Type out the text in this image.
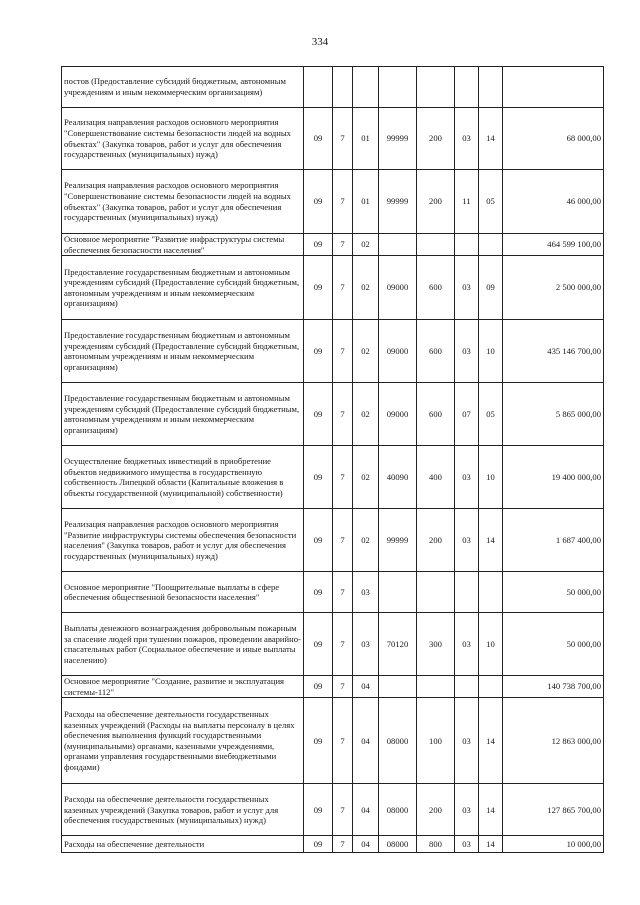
334
постов (Предоставление субсидий бюджетным, автономным учреждениям и иным некоммерческим организациям)								
Реализация направления расходов основного мероприятия "Совершенствование системы безопасности людей на водных объектах" (Закупка товаров, работ и услуг для обеспечения государственных (муниципальных) нужд)	09	7	01	99999	200	03	14	68 000,00
Реализация направления расходов основного мероприятия "Совершенствование системы безопасности людей на водных объектах" (Закупка товаров, работ и услуг для обеспечения государственных (муниципальных) нужд)	09	7	01	99999	200	11	05	46 000,00
Основное мероприятие "Развитие инфраструктуры системы обеспечения безопасности населения"	09	7	02					464 599 100,00
Предоставление государственным бюджетным и автономным учреждениям субсидий (Предоставление субсидий бюджетным, автономным учреждениям и иным некоммерческим организациям)	09	7	02	09000	600	03	09	2 500 000,00
Предоставление государственным бюджетным и автономным учреждениям субсидий (Предоставление субсидий бюджетным, автономным учреждениям и иным некоммерческим организациям)	09	7	02	09000	600	03	10	435 146 700,00
Предоставление государственным бюджетным и автономным учреждениям субсидий (Предоставление субсидий бюджетным, автономным учреждениям и иным некоммерческим организациям)	09	7	02	09000	600	07	05	5 865 000,00
Осуществление бюджетных инвестиций в приобретение объектов недвижимого имущества в государственную собственность Липецкой области (Капитальные вложения в объекты государственной (муниципальной) собственности)	09	7	02	40090	400	03	10	19 400 000,00
Реализация направления расходов основного мероприятия "Развитие инфраструктуры системы обеспечения безопасности населения" (Закупка товаров, работ и услуг для обеспечения государственных (муниципальных) нужд)	09	7	02	99999	200	03	14	1 687 400,00
Основное мероприятие "Поощрительные выплаты в сфере обеспечения общественной безопасности населения"	09	7	03					50 000,00
Выплаты денежного вознаграждения добровольным пожарным за спасение людей при тушении пожаров, проведении аварийно-спасательных работ (Социальное обеспечение и иные выплаты населению)	09	7	03	70120	300	03	10	50 000,00
Основное мероприятие "Создание, развитие и эксплуатация системы-112"	09	7	04					140 738 700,00
Расходы на обеспечение деятельности государственных казенных учреждений (Расходы на выплаты персоналу в целях обеспечения выполнения функций государственными (муниципальными) органами, казенными учреждениями, органами управления государственными внебюджетными фондами)	09	7	04	08000	100	03	14	12 863 000,00
Расходы на обеспечение деятельности государственных казенных учреждений (Закупка товаров, работ и услуг для обеспечения государственных (муниципальных) нужд)	09	7	04	08000	200	03	14	127 865 700,00
Расходы на обеспечение деятельности	09	7	04	08000	800	03	14	10 000,00
